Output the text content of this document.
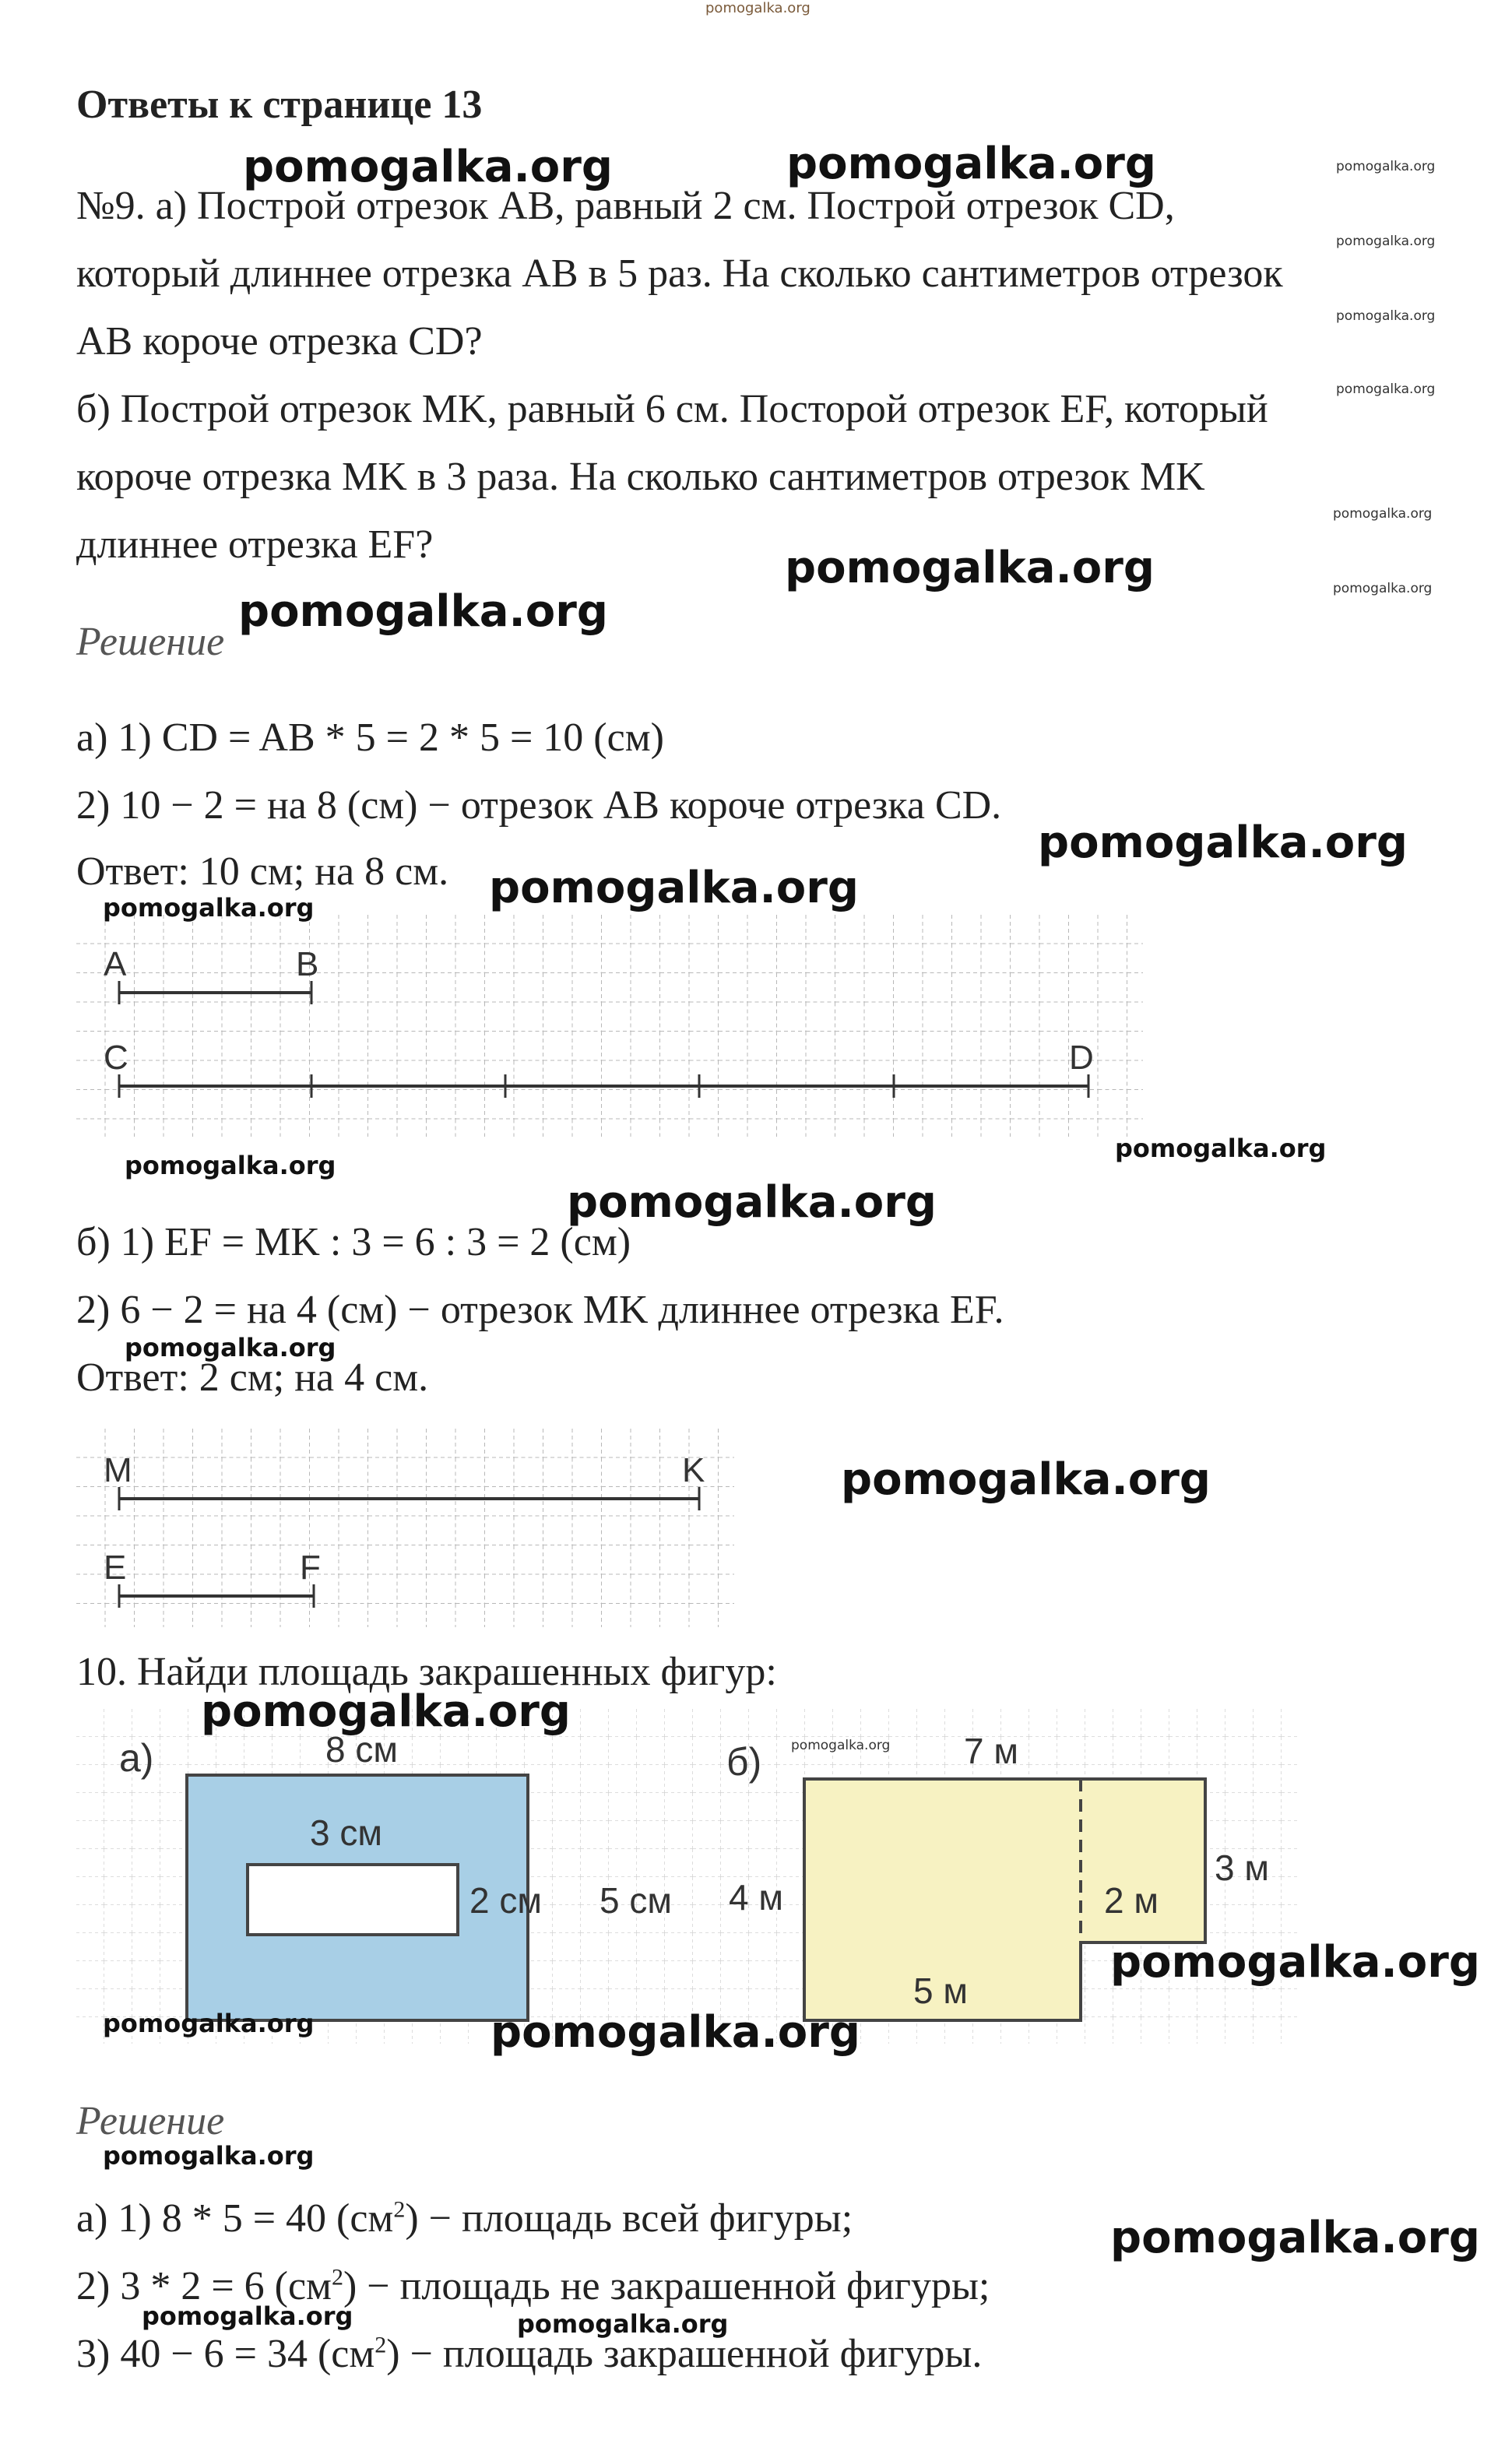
pomogalka.org
Ответы к странице 13
№9. а) Построй отрезок AB, равный 2 см. Построй отрезок CD,
который длиннее отрезка AB в 5 раз. На сколько сантиметров отрезок
AB короче отрезка CD?
б) Построй отрезок MK, равный 6 см. Посторой отрезок EF, который
короче отрезка MK в 3 раза. На сколько сантиметров отрезок MK
длиннее отрезка EF?
Решение
а) 1) CD = AB * 5 = 2 * 5 = 10 (см)
2) 10 − 2 = на 8 (см) − отрезок AB короче отрезка CD.
Ответ: 10 см; на 8 см.
A	B
C	D
б) 1) EF = MK : 3 = 6 : 3 = 2 (см)
2) 6 − 2 = на 4 (см) − отрезок MK длиннее отрезка EF.
Ответ: 2 см; на 4 см.
M	K
E	F
10. Найди площадь закрашенных фигур:
а)	8 см
3 см
2 см 5 см
б)	7 м
3 м
4 м	2 м
5 м
Решение
а) 1) 8 * 5 = 40 $(см^2)$ − площадь всей фигуры;
2) 3 * 2 = 6 $(см^2)$ − площадь не закрашенной фигуры;
3) 40 − 6 = 34 $(см^2)$ − площадь закрашенной фигуры.
pomogalka.org	pomogalka.org	pomogalka.org
pomogalka.org
pomogalka.org
pomogalka.org
pomogalka.org
pomogalka.org
pomogalka.org
pomogalka.org
pomogalka.org
pomogalka.org
pomogalka.org
pomogalka.org
pomogalka.org
pomogalka.org
pomogalka.org
pomogalka.org
pomogalka.org
pomogalka.org
pomogalka.org
pomogalka.org	pomogalka.org
pomogalka.org
pomogalka.org
pomogalka.org	pomogalka.org
